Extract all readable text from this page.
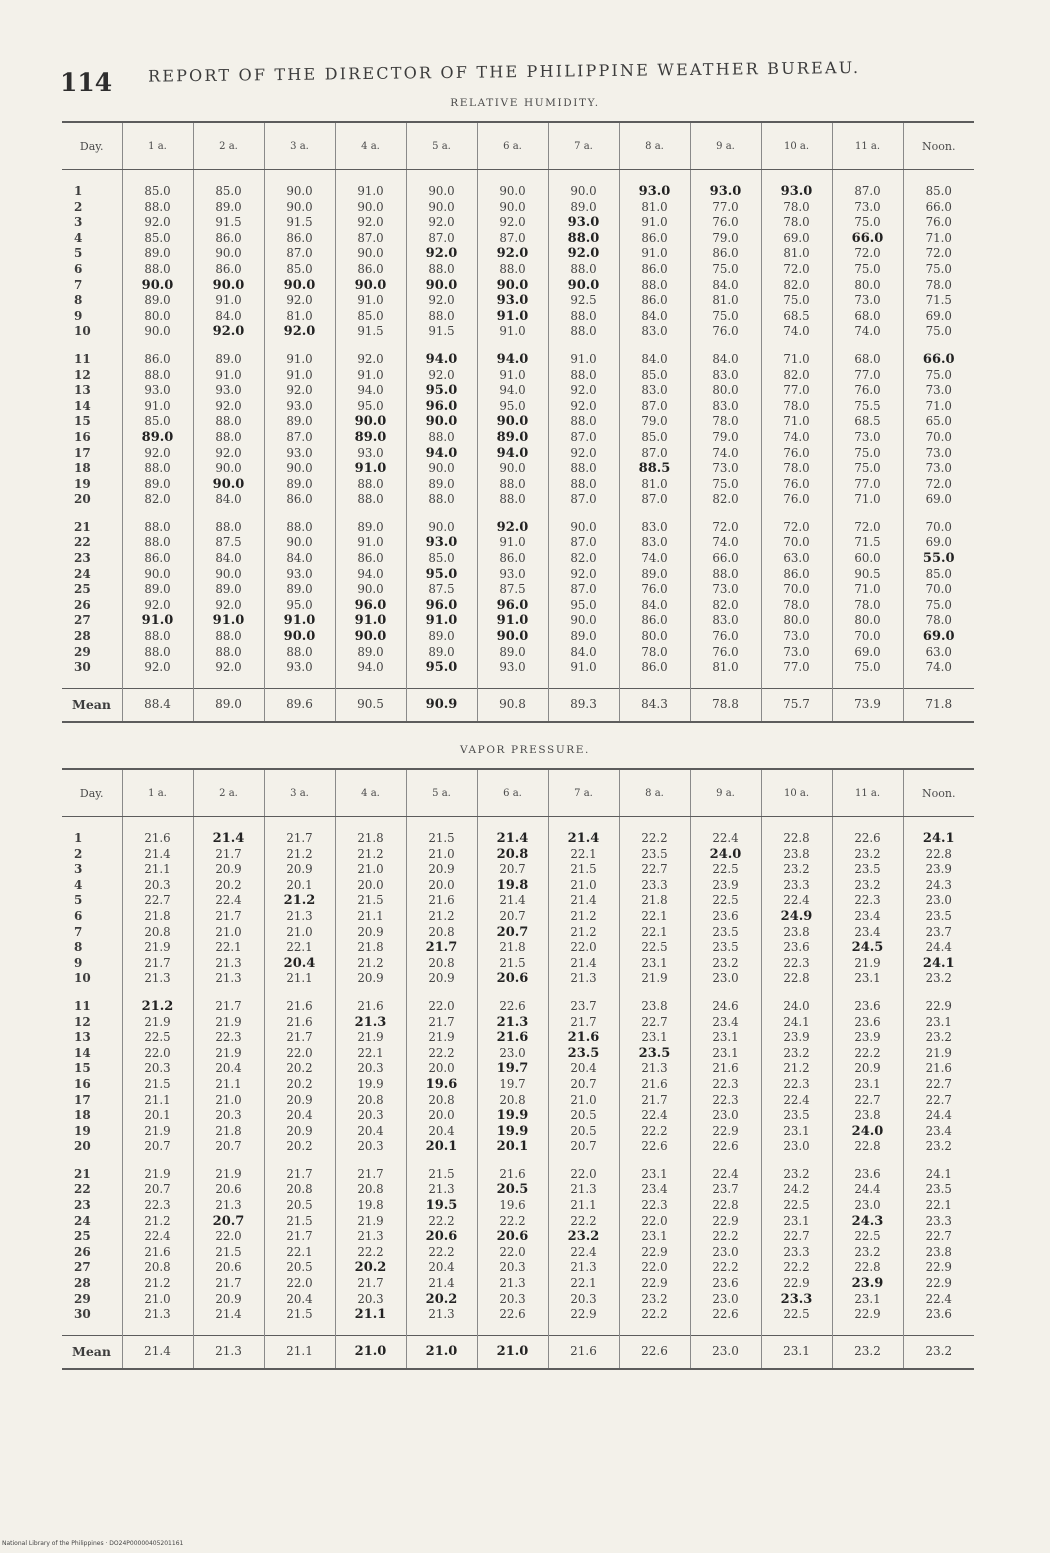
114 REPORT OF THE DIRECTOR OF THE PHILIPPINE WEATHER BUREAU.
RELATIVE HUMIDITY.
Day.	1 a.	2 a.	3 a.	4 a.	5 a.	6 a.	7 a.	8 a.	9 a.	10 a.	11 a.	Noon.

1	85.0	85.0	90.0	91.0	90.0	90.0	90.0	93.0	93.0	93.0	87.0	85.0
2	88.0	89.0	90.0	90.0	90.0	90.0	89.0	81.0	77.0	78.0	73.0	66.0
3	92.0	91.5	91.5	92.0	92.0	92.0	93.0	91.0	76.0	78.0	75.0	76.0
4	85.0	86.0	86.0	87.0	87.0	87.0	88.0	86.0	79.0	69.0	66.0	71.0
5	89.0	90.0	87.0	90.0	92.0	92.0	92.0	91.0	86.0	81.0	72.0	72.0
6	88.0	86.0	85.0	86.0	88.0	88.0	88.0	86.0	75.0	72.0	75.0	75.0
7	90.0	90.0	90.0	90.0	90.0	90.0	90.0	88.0	84.0	82.0	80.0	78.0
8	89.0	91.0	92.0	91.0	92.0	93.0	92.5	86.0	81.0	75.0	73.0	71.5
9	80.0	84.0	81.0	85.0	88.0	91.0	88.0	84.0	75.0	68.5	68.0	69.0
10	90.0	92.0	92.0	91.5	91.5	91.0	88.0	83.0	76.0	74.0	74.0	75.0

11	86.0	89.0	91.0	92.0	94.0	94.0	91.0	84.0	84.0	71.0	68.0	66.0
12	88.0	91.0	91.0	91.0	92.0	91.0	88.0	85.0	83.0	82.0	77.0	75.0
13	93.0	93.0	92.0	94.0	95.0	94.0	92.0	83.0	80.0	77.0	76.0	73.0
14	91.0	92.0	93.0	95.0	96.0	95.0	92.0	87.0	83.0	78.0	75.5	71.0
15	85.0	88.0	89.0	90.0	90.0	90.0	88.0	79.0	78.0	71.0	68.5	65.0
16	89.0	88.0	87.0	89.0	88.0	89.0	87.0	85.0	79.0	74.0	73.0	70.0
17	92.0	92.0	93.0	93.0	94.0	94.0	92.0	87.0	74.0	76.0	75.0	73.0
18	88.0	90.0	90.0	91.0	90.0	90.0	88.0	88.5	73.0	78.0	75.0	73.0
19	89.0	90.0	89.0	88.0	89.0	88.0	88.0	81.0	75.0	76.0	77.0	72.0
20	82.0	84.0	86.0	88.0	88.0	88.0	87.0	87.0	82.0	76.0	71.0	69.0

21	88.0	88.0	88.0	89.0	90.0	92.0	90.0	83.0	72.0	72.0	72.0	70.0
22	88.0	87.5	90.0	91.0	93.0	91.0	87.0	83.0	74.0	70.0	71.5	69.0
23	86.0	84.0	84.0	86.0	85.0	86.0	82.0	74.0	66.0	63.0	60.0	55.0
24	90.0	90.0	93.0	94.0	95.0	93.0	92.0	89.0	88.0	86.0	90.5	85.0
25	89.0	89.0	89.0	90.0	87.5	87.5	87.0	76.0	73.0	70.0	71.0	70.0
26	92.0	92.0	95.0	96.0	96.0	96.0	95.0	84.0	82.0	78.0	78.0	75.0
27	91.0	91.0	91.0	91.0	91.0	91.0	90.0	86.0	83.0	80.0	80.0	78.0
28	88.0	88.0	90.0	90.0	89.0	90.0	89.0	80.0	76.0	73.0	70.0	69.0
29	88.0	88.0	88.0	89.0	89.0	89.0	84.0	78.0	76.0	73.0	69.0	63.0
30	92.0	92.0	93.0	94.0	95.0	93.0	91.0	86.0	81.0	77.0	75.0	74.0

Mean	88.4	89.0	89.6	90.5	90.9	90.8	89.3	84.3	78.8	75.7	73.9	71.8
VAPOR PRESSURE.
Day.	1 a.	2 a.	3 a.	4 a.	5 a.	6 a.	7 a.	8 a.	9 a.	10 a.	11 a.	Noon.

1	21.6	21.4	21.7	21.8	21.5	21.4	21.4	22.2	22.4	22.8	22.6	24.1
2	21.4	21.7	21.2	21.2	21.0	20.8	22.1	23.5	24.0	23.8	23.2	22.8
3	21.1	20.9	20.9	21.0	20.9	20.7	21.5	22.7	22.5	23.2	23.5	23.9
4	20.3	20.2	20.1	20.0	20.0	19.8	21.0	23.3	23.9	23.3	23.2	24.3
5	22.7	22.4	21.2	21.5	21.6	21.4	21.4	21.8	22.5	22.4	22.3	23.0
6	21.8	21.7	21.3	21.1	21.2	20.7	21.2	22.1	23.6	24.9	23.4	23.5
7	20.8	21.0	21.0	20.9	20.8	20.7	21.2	22.1	23.5	23.8	23.4	23.7
8	21.9	22.1	22.1	21.8	21.7	21.8	22.0	22.5	23.5	23.6	24.5	24.4
9	21.7	21.3	20.4	21.2	20.8	21.5	21.4	23.1	23.2	22.3	21.9	24.1
10	21.3	21.3	21.1	20.9	20.9	20.6	21.3	21.9	23.0	22.8	23.1	23.2

11	21.2	21.7	21.6	21.6	22.0	22.6	23.7	23.8	24.6	24.0	23.6	22.9
12	21.9	21.9	21.6	21.3	21.7	21.3	21.7	22.7	23.4	24.1	23.6	23.1
13	22.5	22.3	21.7	21.9	21.9	21.6	21.6	23.1	23.1	23.9	23.9	23.2
14	22.0	21.9	22.0	22.1	22.2	23.0	23.5	23.5	23.1	23.2	22.2	21.9
15	20.3	20.4	20.2	20.3	20.0	19.7	20.4	21.3	21.6	21.2	20.9	21.6
16	21.5	21.1	20.2	19.9	19.6	19.7	20.7	21.6	22.3	22.3	23.1	22.7
17	21.1	21.0	20.9	20.8	20.8	20.8	21.0	21.7	22.3	22.4	22.7	22.7
18	20.1	20.3	20.4	20.3	20.0	19.9	20.5	22.4	23.0	23.5	23.8	24.4
19	21.9	21.8	20.9	20.4	20.4	19.9	20.5	22.2	22.9	23.1	24.0	23.4
20	20.7	20.7	20.2	20.3	20.1	20.1	20.7	22.6	22.6	23.0	22.8	23.2

21	21.9	21.9	21.7	21.7	21.5	21.6	22.0	23.1	22.4	23.2	23.6	24.1
22	20.7	20.6	20.8	20.8	21.3	20.5	21.3	23.4	23.7	24.2	24.4	23.5
23	22.3	21.3	20.5	19.8	19.5	19.6	21.1	22.3	22.8	22.5	23.0	22.1
24	21.2	20.7	21.5	21.9	22.2	22.2	22.2	22.0	22.9	23.1	24.3	23.3
25	22.4	22.0	21.7	21.3	20.6	20.6	23.2	23.1	22.2	22.7	22.5	22.7
26	21.6	21.5	22.1	22.2	22.2	22.0	22.4	22.9	23.0	23.3	23.2	23.8
27	20.8	20.6	20.5	20.2	20.4	20.3	21.3	22.0	22.2	22.2	22.8	22.9
28	21.2	21.7	22.0	21.7	21.4	21.3	22.1	22.9	23.6	22.9	23.9	22.9
29	21.0	20.9	20.4	20.3	20.2	20.3	20.3	23.2	23.0	23.3	23.1	22.4
30	21.3	21.4	21.5	21.1	21.3	22.6	22.9	22.2	22.6	22.5	22.9	23.6

Mean	21.4	21.3	21.1	21.0	21.0	21.0	21.6	22.6	23.0	23.1	23.2	23.2
National Library of the Philippines · DO24P00000405201161
